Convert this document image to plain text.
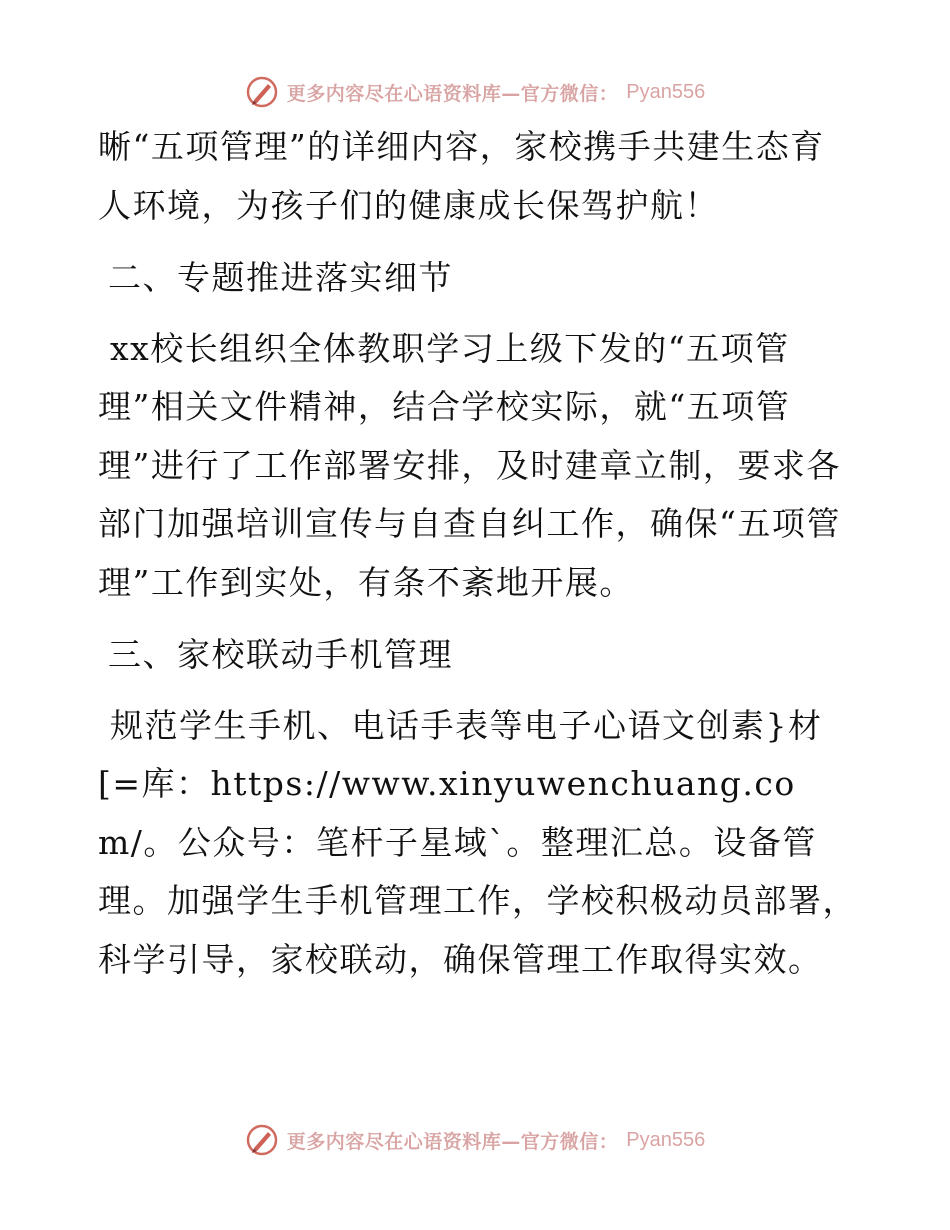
更多内容尽在心语资料库—官方微信： Pyan556

晰“五项管理”的详细内容，家校携手共建生态育人环境，为孩子们的健康成长保驾护航！

二、专题推进落实细节

xx校长组织全体教职学习上级下发的“五项管理”相关文件精神，结合学校实际，就“五项管理”进行了工作部署安排，及时建章立制，要求各部门加强培训宣传与自查自纠工作，确保“五项管理”工作到实处，有条不紊地开展。

三、家校联动手机管理

规范学生手机、电话手表等电子心语文创素}材[=库：https://www.xinyuwenchuang.com/。公众号：笔杆子星域`。整理汇总。设备管理。加强学生手机管理工作，学校积极动员部署，科学引导，家校联动，确保管理工作取得实效。

更多内容尽在心语资料库—官方微信： Pyan556
